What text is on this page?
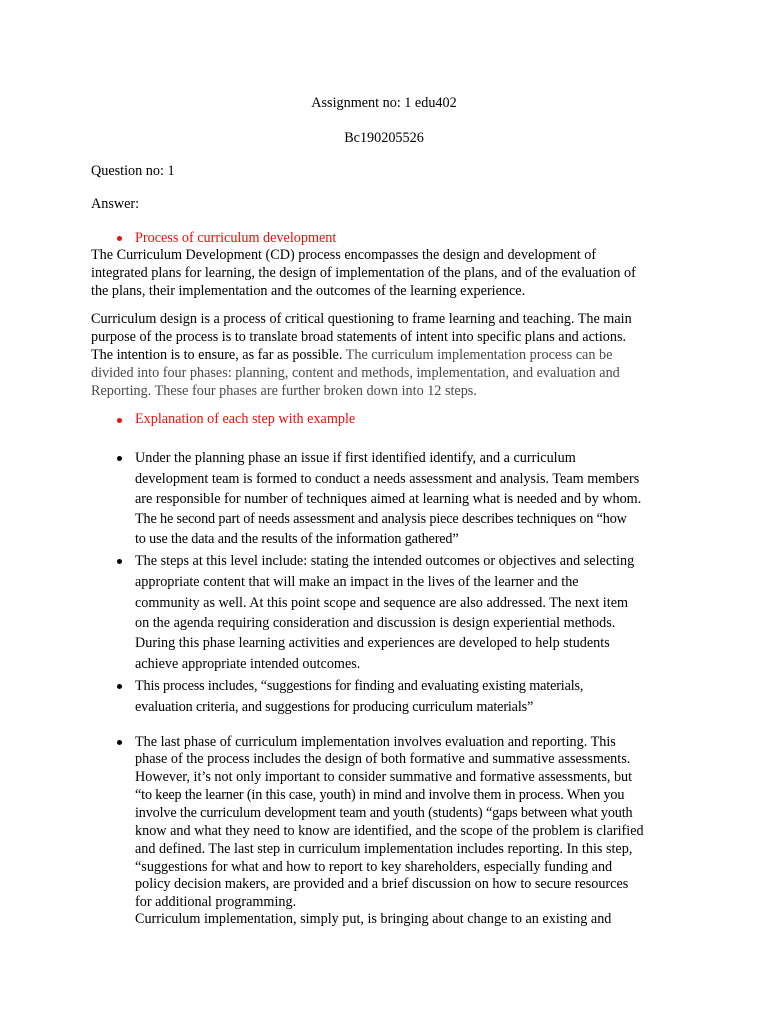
Assignment no: 1 edu402
Bc190205526
Question no: 1
Answer:
Process of curriculum development
The Curriculum Development (CD) process encompasses the design and development of
integrated plans for learning, the design of implementation of the plans, and of the evaluation of
the plans, their implementation and the outcomes of the learning experience.
Curriculum design is a process of critical questioning to frame learning and teaching. The main
purpose of the process is to translate broad statements of intent into specific plans and actions.
The intention is to ensure, as far as possible. The curriculum implementation process can be
divided into four phases: planning, content and methods, implementation, and evaluation and
Reporting. These four phases are further broken down into 12 steps.
Explanation of each step with example
Under the planning phase an issue if first identified identify, and a curriculum
development team is formed to conduct a needs assessment and analysis. Team members
are responsible for number of techniques aimed at learning what is needed and by whom.
The he second part of needs assessment and analysis piece describes techniques on “how
to use the data and the results of the information gathered”
The steps at this level include: stating the intended outcomes or objectives and selecting
appropriate content that will make an impact in the lives of the learner and the
community as well. At this point scope and sequence are also addressed. The next item
on the agenda requiring consideration and discussion is design experiential methods.
During this phase learning activities and experiences are developed to help students
achieve appropriate intended outcomes.
This process includes, “suggestions for finding and evaluating existing materials,
evaluation criteria, and suggestions for producing curriculum materials”
The last phase of curriculum implementation involves evaluation and reporting. This
phase of the process includes the design of both formative and summative assessments.
However, it’s not only important to consider summative and formative assessments, but
“to keep the learner (in this case, youth) in mind and involve them in process. When you
involve the curriculum development team and youth (students) “gaps between what youth
know and what they need to know are identified, and the scope of the problem is clarified
and defined. The last step in curriculum implementation includes reporting. In this step,
“suggestions for what and how to report to key shareholders, especially funding and
policy decision makers, are provided and a brief discussion on how to secure resources
for additional programming.
Curriculum implementation, simply put, is bringing about change to an existing and
